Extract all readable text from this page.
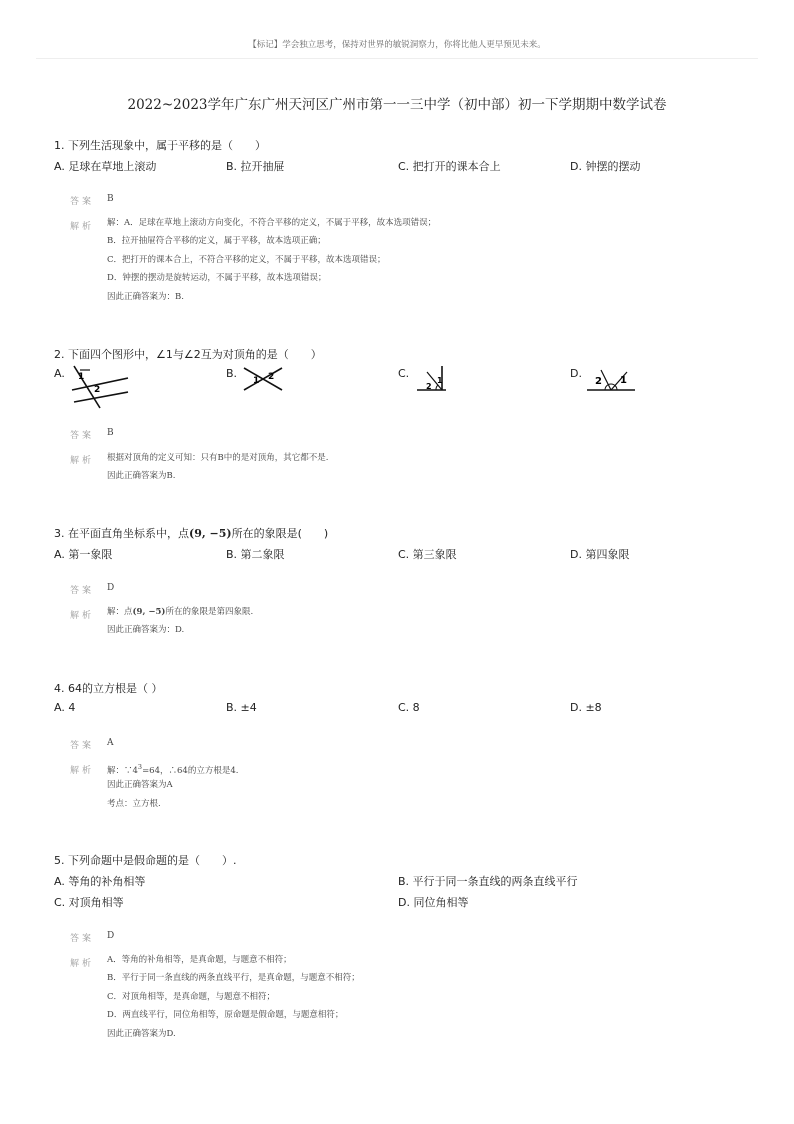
【标记】学会独立思考，保持对世界的敏锐洞察力，你将比他人更早预见未来。
2022~2023学年广东广州天河区广州市第一一三中学（初中部）初一下学期期中数学试卷
1. 下列生活现象中，属于平移的是（　　）
A. 足球在草地上滚动	B. 拉开抽屉	C. 把打开的课本合上	D. 钟摆的摆动
答案 B
解析 解：A．足球在草地上滚动方向变化，不符合平移的定义，不属于平移，故本选项错误；
B．拉开抽屉符合平移的定义，属于平移，故本选项正确；
C．把打开的课本合上，不符合平移的定义，不属于平移，故本选项错误；
D．钟摆的摆动是旋转运动，不属于平移，故本选项错误；
因此正确答案为：B.
2. 下面四个图形中，∠1与∠2互为对顶角的是（　　）
A.	B.	C.	D.
1
2
1 2
2
1	2 1
答案 B
解析 根据对顶角的定义可知：只有B中的是对顶角，其它都不是.
因此正确答案为B.
3. 在平面直角坐标系中，点(9, −5)所在的象限是(　　)
A. 第一象限	B. 第二象限	C. 第三象限	D. 第四象限
答案 D
解析 解：点(9, −5)所在的象限是第四象限.
因此正确答案为：D.
4. 64的立方根是（ ）
A. 4	B. ±4	C. 8	D. ±8
答案 A
解析 解：$\because 4^3=64$，∴64的立方根是4.
因此正确答案为A
考点：立方根.
5. 下列命题中是假命题的是（　　）.
A. 等角的补角相等	B. 平行于同一条直线的两条直线平行
C. 对顶角相等	D. 同位角相等
答案 D
解析 A．等角的补角相等，是真命题，与题意不相符；
B．平行于同一条直线的两条直线平行，是真命题，与题意不相符；
C．对顶角相等，是真命题，与题意不相符；
D．两直线平行，同位角相等，原命题是假命题，与题意相符；
因此正确答案为D.
